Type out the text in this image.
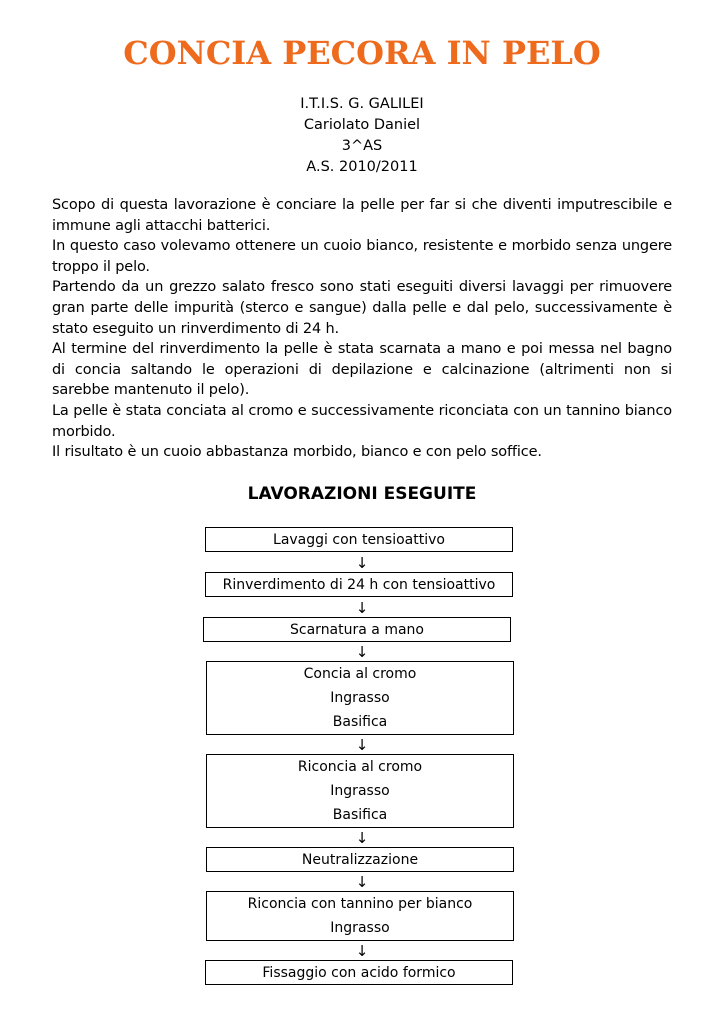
CONCIA PECORA IN PELO
I.T.I.S. G. GALILEI
Cariolato Daniel
3^AS
A.S. 2010/2011

Scopo di questa lavorazione è conciare la pelle per far si che diventi imputrescibile e immune agli attacchi batterici.

In questo caso volevamo ottenere un cuoio bianco, resistente e morbido senza ungere troppo il pelo.

Partendo da un grezzo salato fresco sono stati eseguiti diversi lavaggi per rimuovere gran parte delle impurità (sterco e sangue) dalla pelle e dal pelo, successivamente è stato eseguito un rinverdimento di 24 h.

Al termine del rinverdimento la pelle è stata scarnata a mano e poi messa nel bagno di concia saltando le operazioni di depilazione e calcinazione (altrimenti non si sarebbe mantenuto il pelo).

La pelle è stata conciata al cromo e successivamente riconciata con un tannino bianco morbido.

Il risultato è un cuoio abbastanza morbido, bianco e con pelo soffice.

LAVORAZIONI ESEGUITE
Lavaggi con tensioattivo
↓
Rinverdimento di 24 h con tensioattivo
↓
Scarnatura a mano
↓
Concia al cromo
Ingrasso
Basifica
↓
Riconcia al cromo
Ingrasso
Basifica
↓
Neutralizzazione
↓
Riconcia con tannino per bianco
Ingrasso
↓
Fissaggio con acido formico
